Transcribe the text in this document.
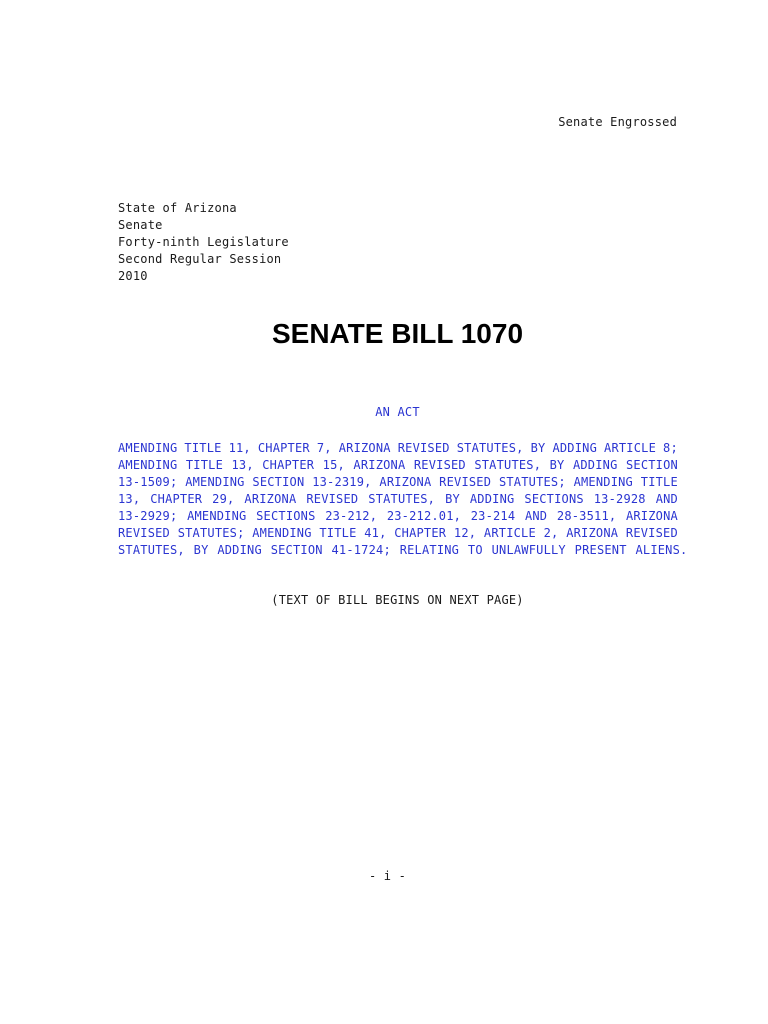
Senate Engrossed
State of Arizona
Senate
Forty-ninth Legislature
Second Regular Session
2010
SENATE BILL 1070
AN ACT
AMENDING TITLE 11, CHAPTER 7, ARIZONA REVISED STATUTES, BY ADDING ARTICLE 8;
AMENDING TITLE 13, CHAPTER 15, ARIZONA REVISED STATUTES, BY ADDING SECTION
13-1509; AMENDING SECTION 13-2319, ARIZONA REVISED STATUTES; AMENDING TITLE
13, CHAPTER 29, ARIZONA REVISED STATUTES, BY ADDING SECTIONS 13-2928 AND
13-2929; AMENDING SECTIONS 23-212, 23-212.01, 23-214 AND 28-3511, ARIZONA
REVISED STATUTES; AMENDING TITLE 41, CHAPTER 12, ARTICLE 2, ARIZONA REVISED
STATUTES, BY ADDING SECTION 41-1724; RELATING TO UNLAWFULLY PRESENT ALIENS.
(TEXT OF BILL BEGINS ON NEXT PAGE)
- i -
